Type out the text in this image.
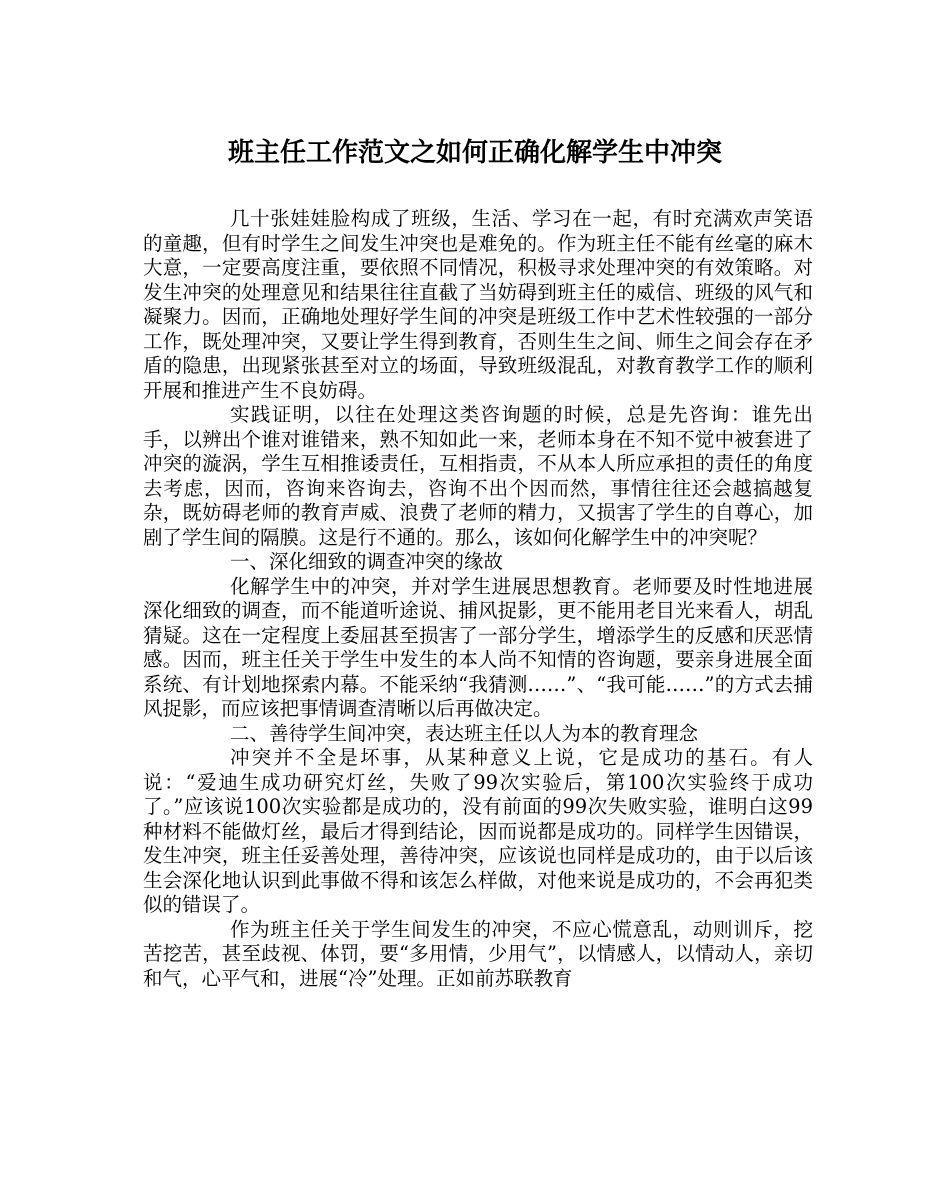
班主任工作范文之如何正确化解学生中冲突

几十张娃娃脸构成了班级，生活、学习在一起，有时充满欢声笑语的童趣，但有时学生之间发生冲突也是难免的。作为班主任不能有丝毫的麻木大意，一定要高度注重，要依照不同情况，积极寻求处理冲突的有效策略。对发生冲突的处理意见和结果往往直截了当妨碍到班主任的威信、班级的风气和凝聚力。因而，正确地处理好学生间的冲突是班级工作中艺术性较强的一部分工作，既处理冲突，又要让学生得到教育，否则生生之间、师生之间会存在矛盾的隐患，出现紧张甚至对立的场面，导致班级混乱，对教育教学工作的顺利开展和推进产生不良妨碍。

实践证明，以往在处理这类咨询题的时候，总是先咨询：谁先出手，以辨出个谁对谁错来，熟不知如此一来，老师本身在不知不觉中被套进了冲突的漩涡，学生互相推诿责任，互相指责，不从本人所应承担的责任的角度去考虑，因而，咨询来咨询去，咨询不出个因而然，事情往往还会越搞越复杂，既妨碍老师的教育声威、浪费了老师的精力，又损害了学生的自尊心，加剧了学生间的隔膜。这是行不通的。那么，该如何化解学生中的冲突呢？

一、深化细致的调查冲突的缘故

化解学生中的冲突，并对学生进展思想教育。老师要及时性地进展深化细致的调查，而不能道听途说、捕风捉影，更不能用老目光来看人，胡乱猜疑。这在一定程度上委屈甚至损害了一部分学生，增添学生的反感和厌恶情感。因而，班主任关于学生中发生的本人尚不知情的咨询题，要亲身进展全面系统、有计划地探索内幕。不能采纳“我猜测……”、“我可能……”的方式去捕风捉影，而应该把事情调查清晰以后再做决定。

二、善待学生间冲突，表达班主任以人为本的教育理念

冲突并不全是坏事，从某种意义上说，它是成功的基石。有人说：“爱迪生成功研究灯丝，失败了99次实验后，第100次实验终于成功了。”应该说100次实验都是成功的，没有前面的99次失败实验，谁明白这99种材料不能做灯丝，最后才得到结论，因而说都是成功的。同样学生因错误，发生冲突，班主任妥善处理，善待冲突，应该说也同样是成功的，由于以后该生会深化地认识到此事做不得和该怎么样做，对他来说是成功的，不会再犯类似的错误了。

作为班主任关于学生间发生的冲突，不应心慌意乱，动则训斥，挖苦挖苦，甚至歧视、体罚，要“多用情，少用气”，以情感人，以情动人，亲切和气，心平气和，进展“冷”处理。正如前苏联教育
